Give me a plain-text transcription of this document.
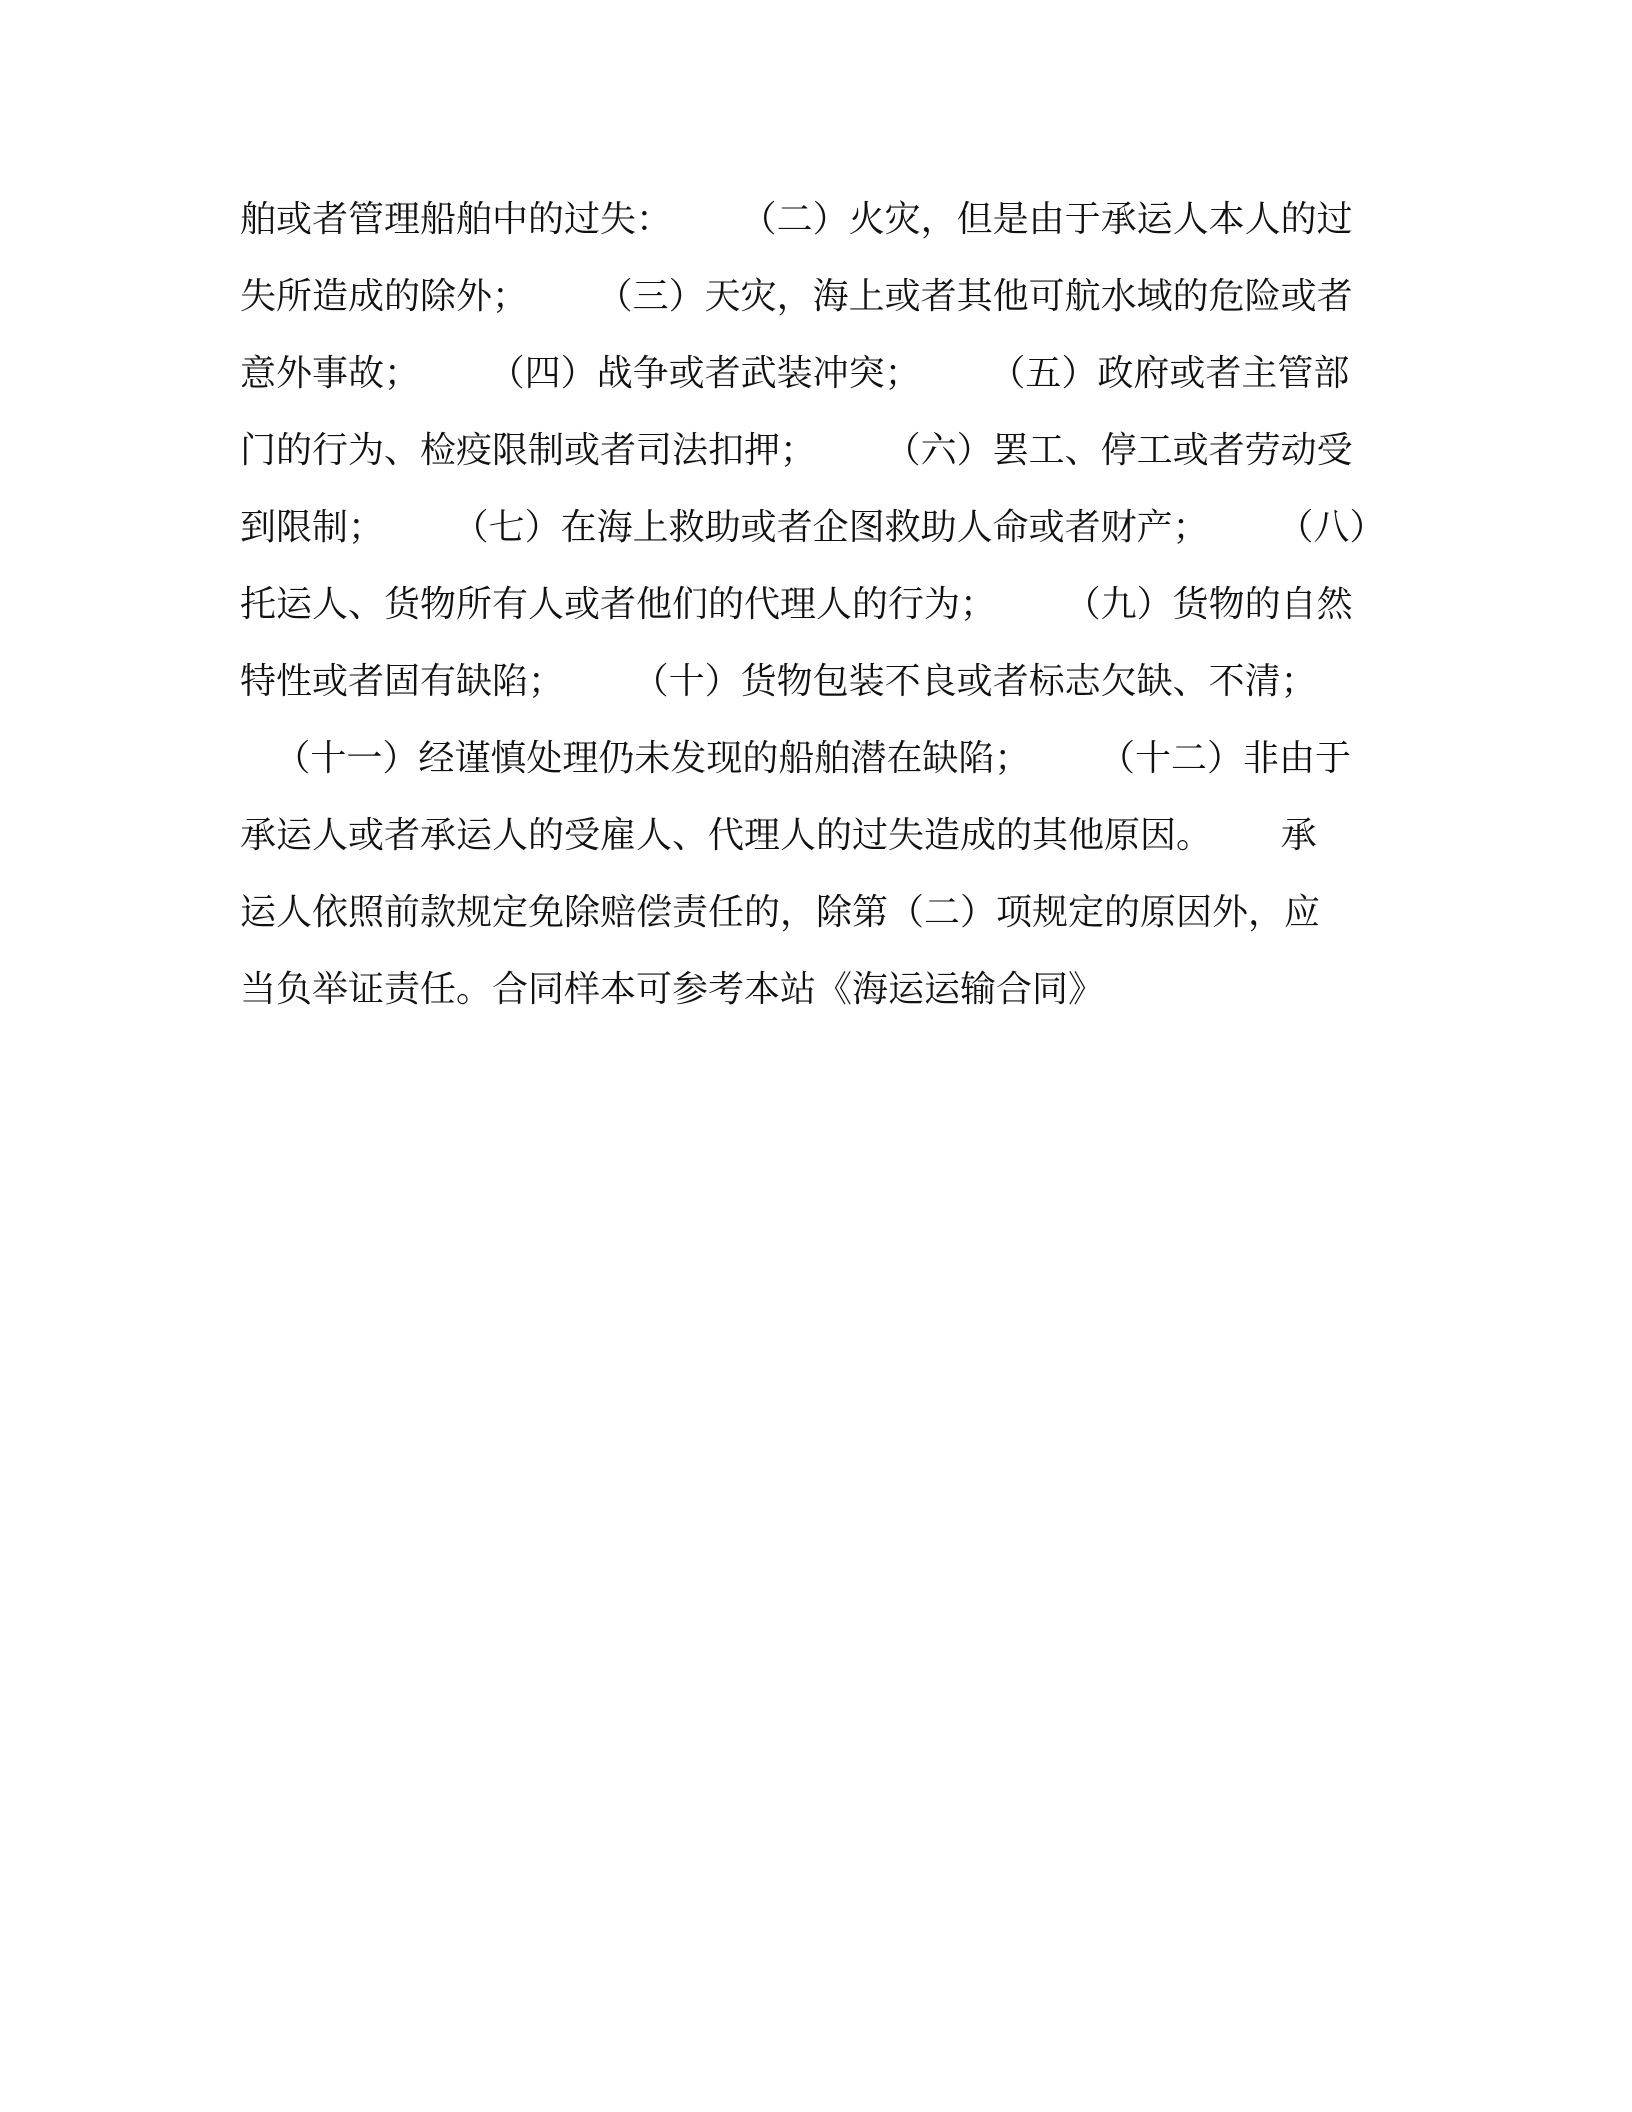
舶或者管理船舶中的过失：      （二）火灾，但是由于承运人本人的过
失所造成的除外；      （三）天灾，海上或者其他可航水域的危险或者
意外事故；      （四）战争或者武装冲突；      （五）政府或者主管部
门的行为、检疫限制或者司法扣押；      （六）罢工、停工或者劳动受
到限制；      （七）在海上救助或者企图救助人命或者财产；      （八）
托运人、货物所有人或者他们的代理人的行为；      （九）货物的自然
特性或者固有缺陷；      （十）货物包装不良或者标志欠缺、不清；
（十一）经谨慎处理仍未发现的船舶潜在缺陷；      （十二）非由于
承运人或者承运人的受雇人、代理人的过失造成的其他原因。      承
运人依照前款规定免除赔偿责任的，除第（二）项规定的原因外，应
当负举证责任。合同样本可参考本站《海运运输合同》
